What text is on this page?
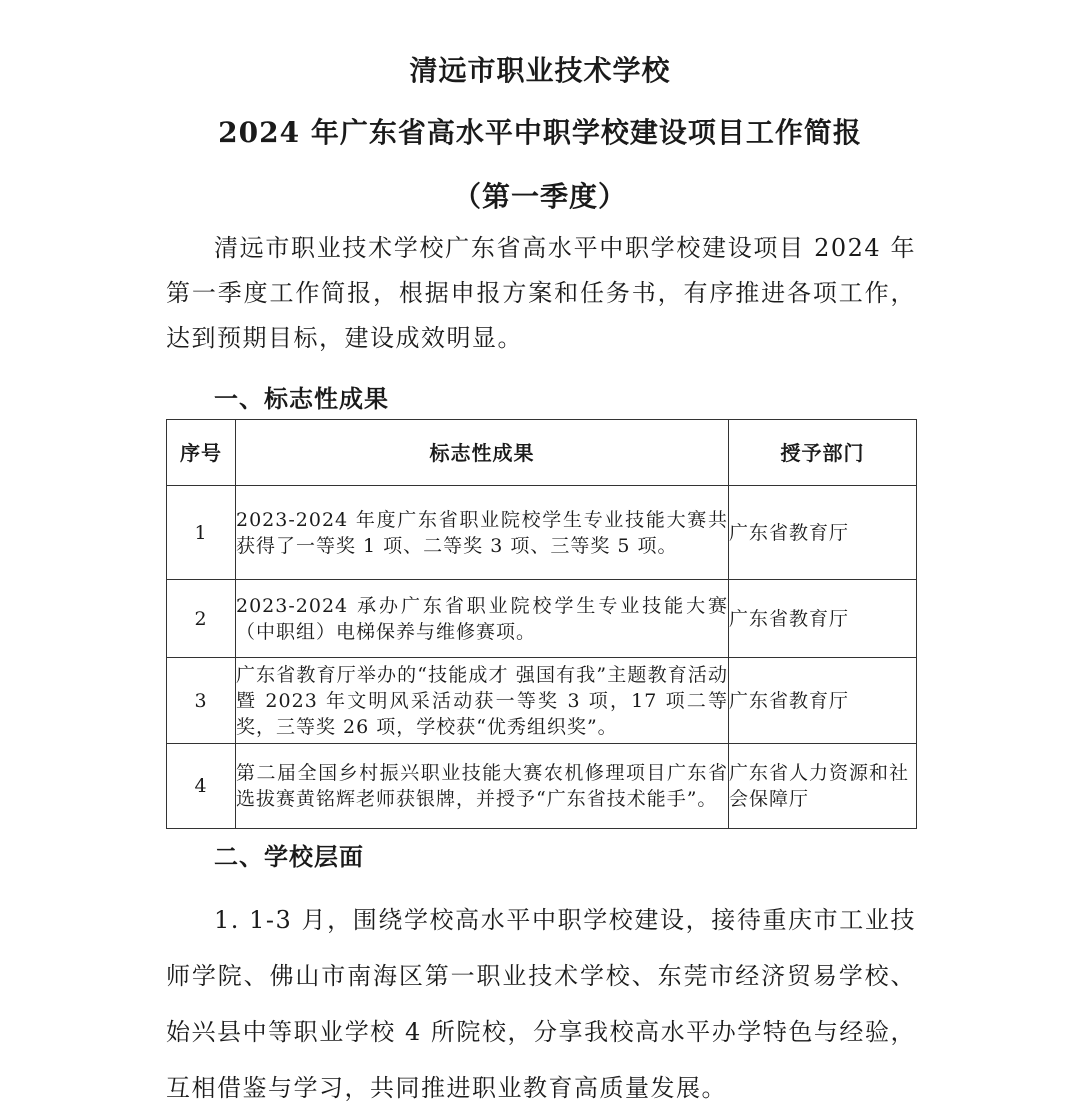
清远市职业技术学校
2024 年广东省高水平中职学校建设项目工作简报
（第一季度）

清远市职业技术学校广东省高水平中职学校建设项目 2024 年第一季度工作简报，根据申报方案和任务书，有序推进各项工作，达到预期目标，建设成效明显。

一、标志性成果
序号	标志性成果	授予部门
1	2023-2024 年度广东省职业院校学生专业技能大赛共获得了一等奖 1 项、二等奖 3 项、三等奖 5 项。	广东省教育厅
2	2023-2024 承办广东省职业院校学生专业技能大赛（中职组）电梯保养与维修赛项。	广东省教育厅
3	广东省教育厅举办的“技能成才 强国有我”主题教育活动暨 2023 年文明风采活动获一等奖 3 项，17 项二等奖，三等奖 26 项，学校获“优秀组织奖”。	广东省教育厅
4	第二届全国乡村振兴职业技能大赛农机修理项目广东省选拔赛黄铭辉老师获银牌，并授予“广东省技术能手”。	广东省人力资源和社会保障厅
二、学校层面

1. 1-3 月，围绕学校高水平中职学校建设，接待重庆市工业技师学院、佛山市南海区第一职业技术学校、东莞市经济贸易学校、始兴县中等职业学校 4 所院校，分享我校高水平办学特色与经验，互相借鉴与学习，共同推进职业教育高质量发展。
